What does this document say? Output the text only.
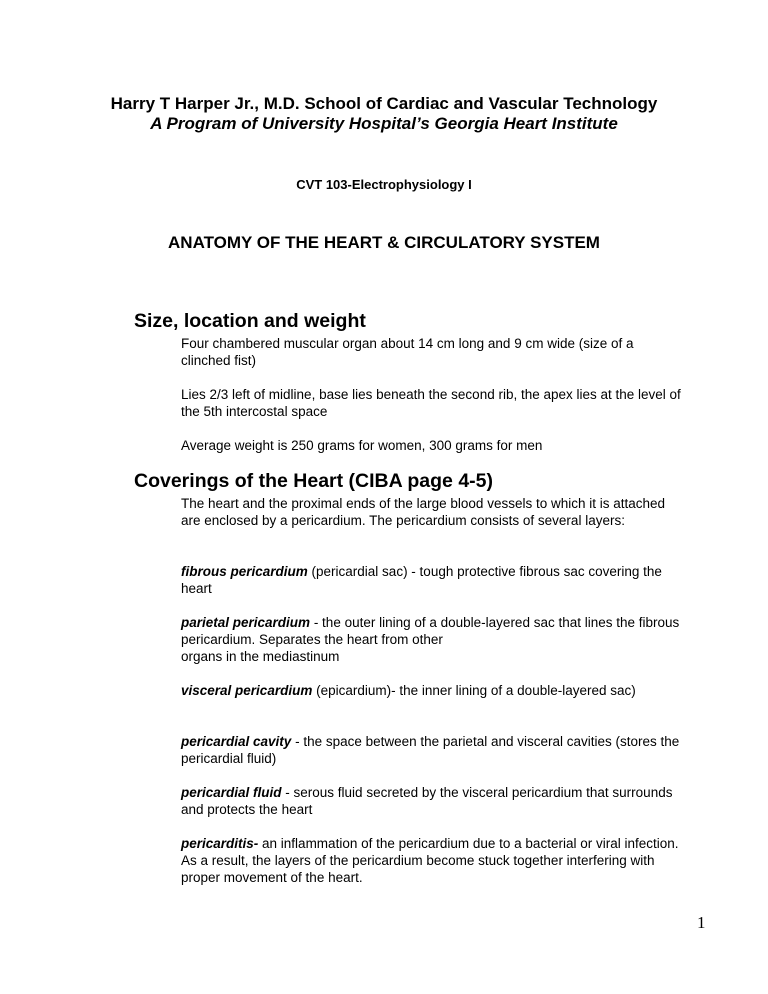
Harry T Harper Jr., M.D. School of Cardiac and Vascular Technology
A Program of University Hospital’s Georgia Heart Institute
CVT 103-Electrophysiology I
ANATOMY OF THE HEART & CIRCULATORY SYSTEM
Size, location and weight
Four chambered muscular organ about 14 cm long and 9 cm wide (size of a clinched fist)
Lies 2/3 left of midline, base lies beneath the second rib, the apex lies at the level of the 5th intercostal space
Average weight is 250 grams for women, 300 grams for men
Coverings of the Heart (CIBA page 4-5)
The heart and the proximal ends of the large blood vessels to which it is attached are enclosed by a pericardium. The pericardium consists of several layers:
fibrous pericardium (pericardial sac) - tough protective fibrous sac covering the heart
parietal pericardium - the outer lining of a double-layered sac that lines the fibrous pericardium. Separates the heart from other
organs in the mediastinum
visceral pericardium (epicardium)- the inner lining of a double-layered sac)
pericardial cavity - the space between the parietal and visceral cavities (stores the pericardial fluid)
pericardial fluid - serous fluid secreted by the visceral pericardium that surrounds and protects the heart
pericarditis- an inflammation of the pericardium due to a bacterial or viral infection. As a result, the layers of the pericardium become stuck together interfering with proper movement of the heart.
1
